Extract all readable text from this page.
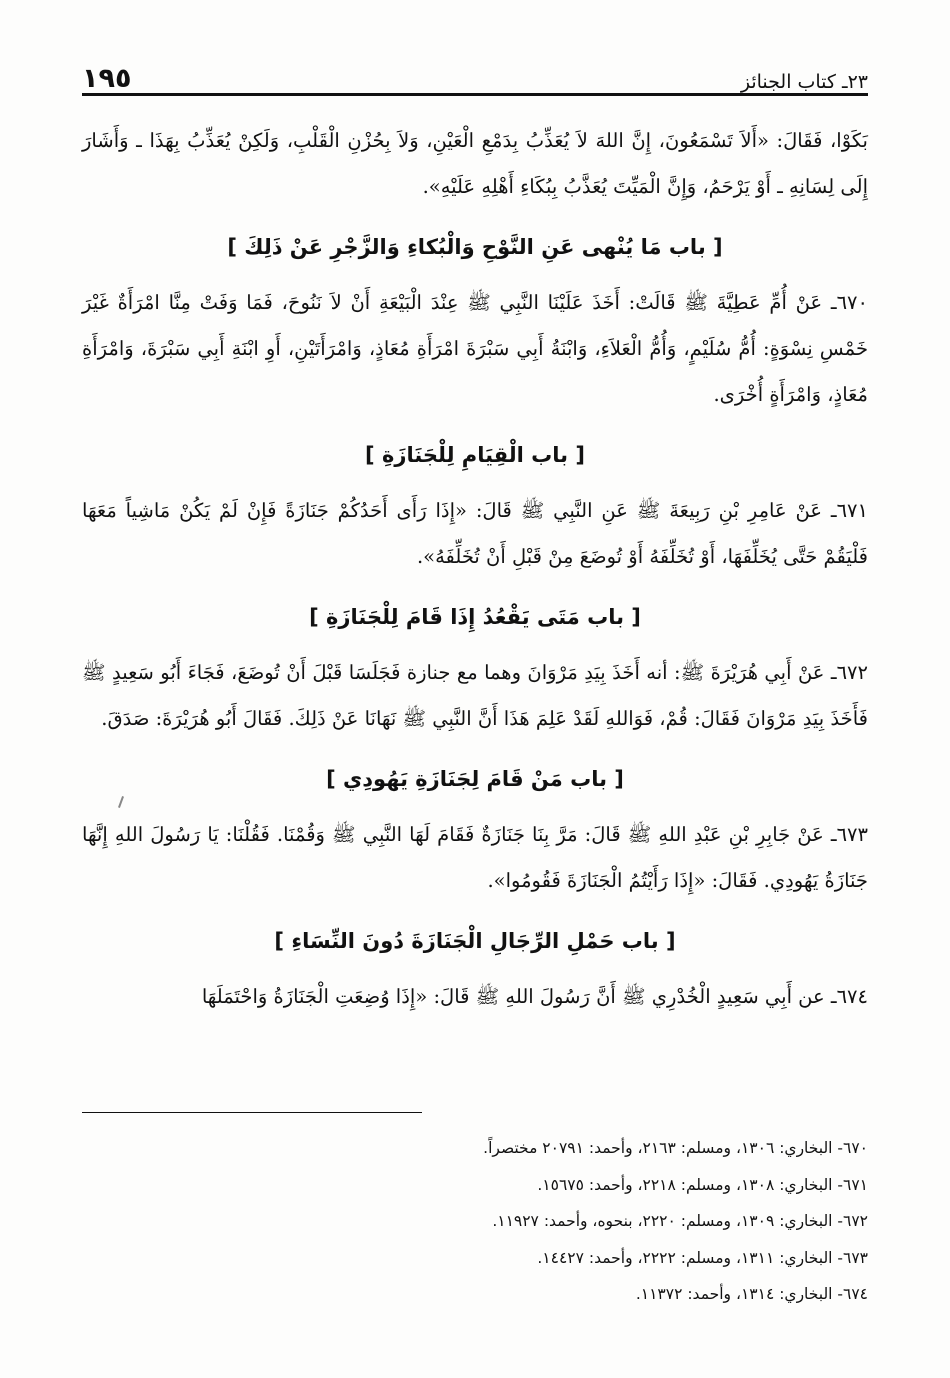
١٩٥	٢٣ـ كتاب الجنائز

بَكَوْا، فَقَالَ: «أَلاَ تَسْمَعُونَ، إِنَّ اللهَ لاَ يُعَذِّبُ بِدَمْعِ الْعَيْنِ، وَلاَ بِحُزْنِ الْقَلْبِ، وَلَكِنْ يُعَذِّبُ بِهَذَا ـ وَأَشَارَ إِلَى لِسَانِهِ ـ أَوْ يَرْحَمُ، وَإِنَّ الْمَيِّتَ يُعَذَّبُ بِبُكَاءِ أَهْلِهِ عَلَيْهِ».

[ باب مَا يُنْهى عَنِ النَّوْحِ وَالْبُكاءِ وَالزَّجْرِ عَنْ ذَلِكَ ]

٦٧٠ـ عَنْ أُمِّ عَطِيَّةَ ﷺ قَالَتْ: أَخَذَ عَلَيْنَا النَّبِي ﷺ عِنْدَ الْبَيْعَةِ أَنْ لاَ نَنُوحَ، فَمَا وَفَتْ مِنَّا امْرَأَةٌ غَيْرَ خَمْسِ نِسْوَةٍ: أُمُّ سُلَيْمٍ، وَأُمُّ الْعَلاَءِ، وَابْنَةُ أَبِي سَبْرَةَ امْرَأَةِ مُعَاذٍ، وَامْرَأَتَيْنِ، أَوِ ابْنَةِ أَبِي سَبْرَةَ، وَامْرَأَةِ مُعَاذٍ، وَامْرَأَةٍ أُخْرَى.

[ باب الْقِيَامِ لِلْجَنَازَةِ ]

٦٧١ـ عَنْ عَامِرِ بْنِ رَبِيعَةَ ﷺ عَنِ النَّبِي ﷺ قَالَ: «إِذَا رَأَى أَحَدُكُمْ جَنَازَةً فَإِنْ لَمْ يَكُنْ مَاشِياً مَعَهَا فَلْيَقُمْ حَتَّى يُخَلِّفَهَا، أَوْ تُخَلِّفَهُ أَوْ تُوضَعَ مِنْ قَبْلِ أَنْ تُخَلِّفَهُ».

[ باب مَتَى يَقْعُدُ إِذَا قَامَ لِلْجَنَازَةِ ]

٦٧٢ـ عَنْ أَبِي هُرَيْرَةَ ﷺ: أنه أَخَذَ بِيَدِ مَرْوَانَ وهما مع جنازة فَجَلَسَا قَبْلَ أَنْ تُوضَعَ، فَجَاءَ أَبُو سَعِيدٍ ﷺ فَأَخَذَ بِيَدِ مَرْوَانَ فَقَالَ: قُمْ، فَوَاللهِ لَقَدْ عَلِمَ هَذَا أَنَّ النَّبِي ﷺ نَهَانَا عَنْ ذَلِكَ. فَقَالَ أَبُو هُرَيْرَةَ: صَدَقَ.

[ باب مَنْ قَامَ لِجَنَازَةِ يَهُودِي ]

٦٧٣ـ عَنْ جَابِرِ بْنِ عَبْدِ اللهِ ﷺ قَالَ: مَرَّ بِنَا جَنَازَةٌ فَقَامَ لَهَا النَّبِي ﷺ وَقُمْنَا. فَقُلْنَا: يَا رَسُولَ اللهِ إِنَّهَا جَنَازَةُ يَهُودِي. فَقَالَ: «إِذَا رَأَيْتُمُ الْجَنَازَةَ فَقُومُوا».

[ باب حَمْلِ الرِّجَالِ الْجَنَازَةَ دُونَ النِّسَاءِ ]

٦٧٤ـ عن أَبِي سَعِيدٍ الْخُدْرِي ﷺ أَنَّ رَسُولَ اللهِ ﷺ قَالَ: «إِذَا وُضِعَتِ الْجَنَازَةُ وَاحْتَمَلَهَا

٦٧٠- البخاري: ١٣٠٦، ومسلم: ٢١٦٣، وأحمد: ٢٠٧٩١ مختصراً.

٦٧١- البخاري: ١٣٠٨، ومسلم: ٢٢١٨، وأحمد: ١٥٦٧٥.

٦٧٢- البخاري: ١٣٠٩، ومسلم: ٢٢٢٠، بنحوه، وأحمد: ١١٩٢٧.

٦٧٣- البخاري: ١٣١١، ومسلم: ٢٢٢٢، وأحمد: ١٤٤٢٧.

٦٧٤- البخاري: ١٣١٤، وأحمد: ١١٣٧٢.
